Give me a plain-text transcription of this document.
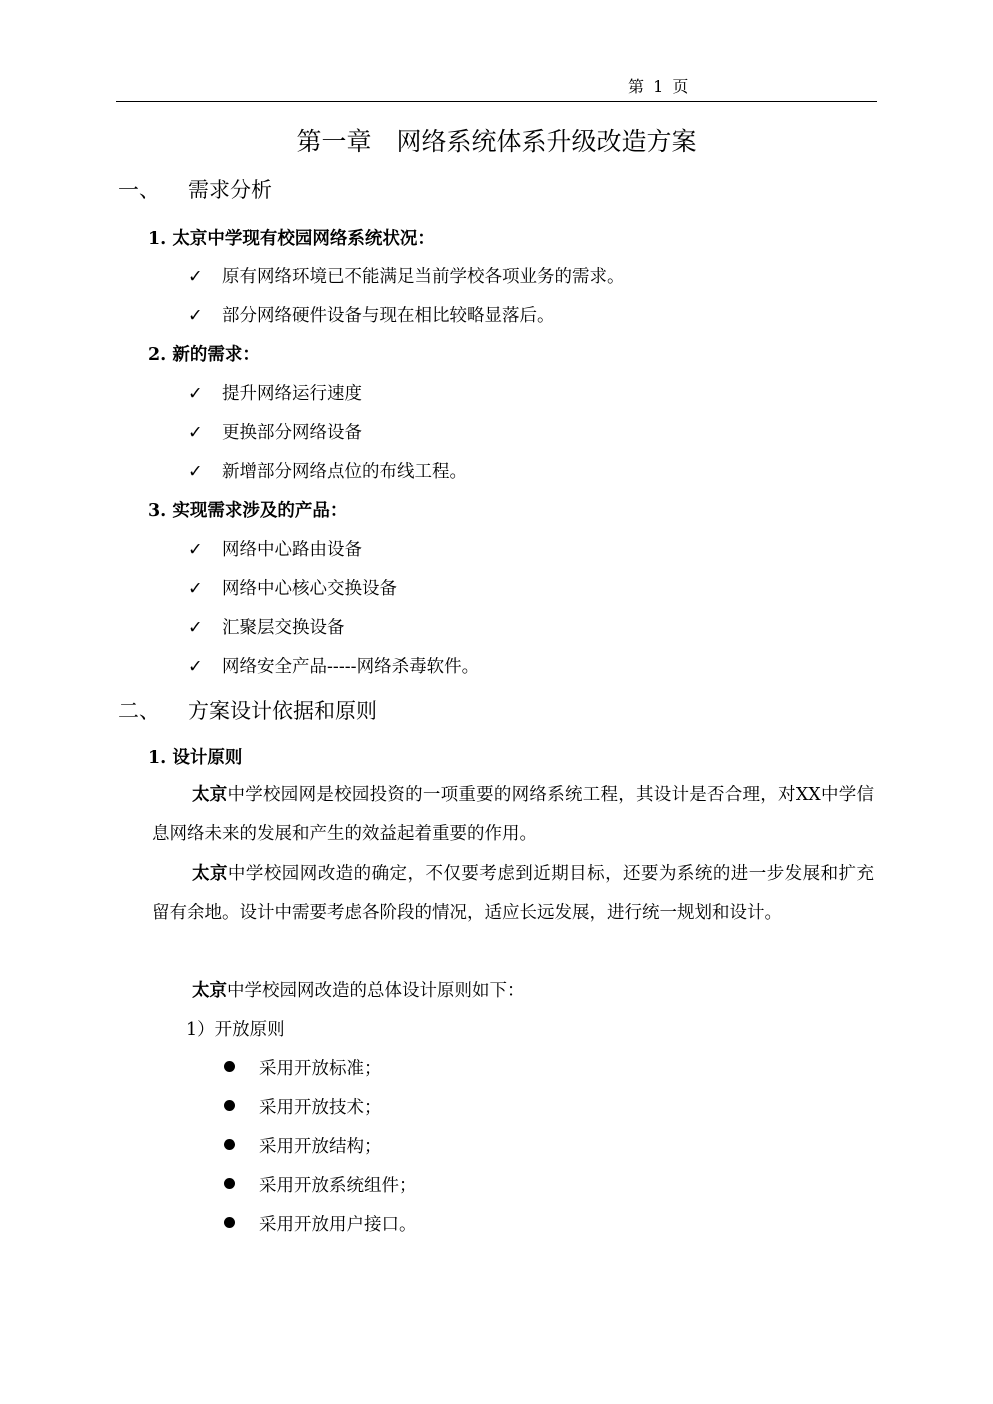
第 1 页
第一章　网络系统体系升级改造方案
一、 需求分析
1. 太京中学现有校园网络系统状况：
✓ 原有网络环境已不能满足当前学校各项业务的需求。
✓ 部分网络硬件设备与现在相比较略显落后。
2. 新的需求：
✓ 提升网络运行速度
✓ 更换部分网络设备
✓ 新增部分网络点位的布线工程。
3. 实现需求涉及的产品：
✓ 网络中心路由设备
✓ 网络中心核心交换设备
✓ 汇聚层交换设备
✓ 网络安全产品-----网络杀毒软件。
二、 方案设计依据和原则
1. 设计原则
太京中学校园网是校园投资的一项重要的网络系统工程，其设计是否合理，对XX中学信息网络未来的发展和产生的效益起着重要的作用。
太京中学校园网改造的确定，不仅要考虑到近期目标，还要为系统的进一步发展和扩充留有余地。设计中需要考虑各阶段的情况，适应长远发展，进行统一规划和设计。
太京中学校园网改造的总体设计原则如下：
1）开放原则
采用开放标准；
采用开放技术；
采用开放结构；
采用开放系统组件；
采用开放用户接口。
